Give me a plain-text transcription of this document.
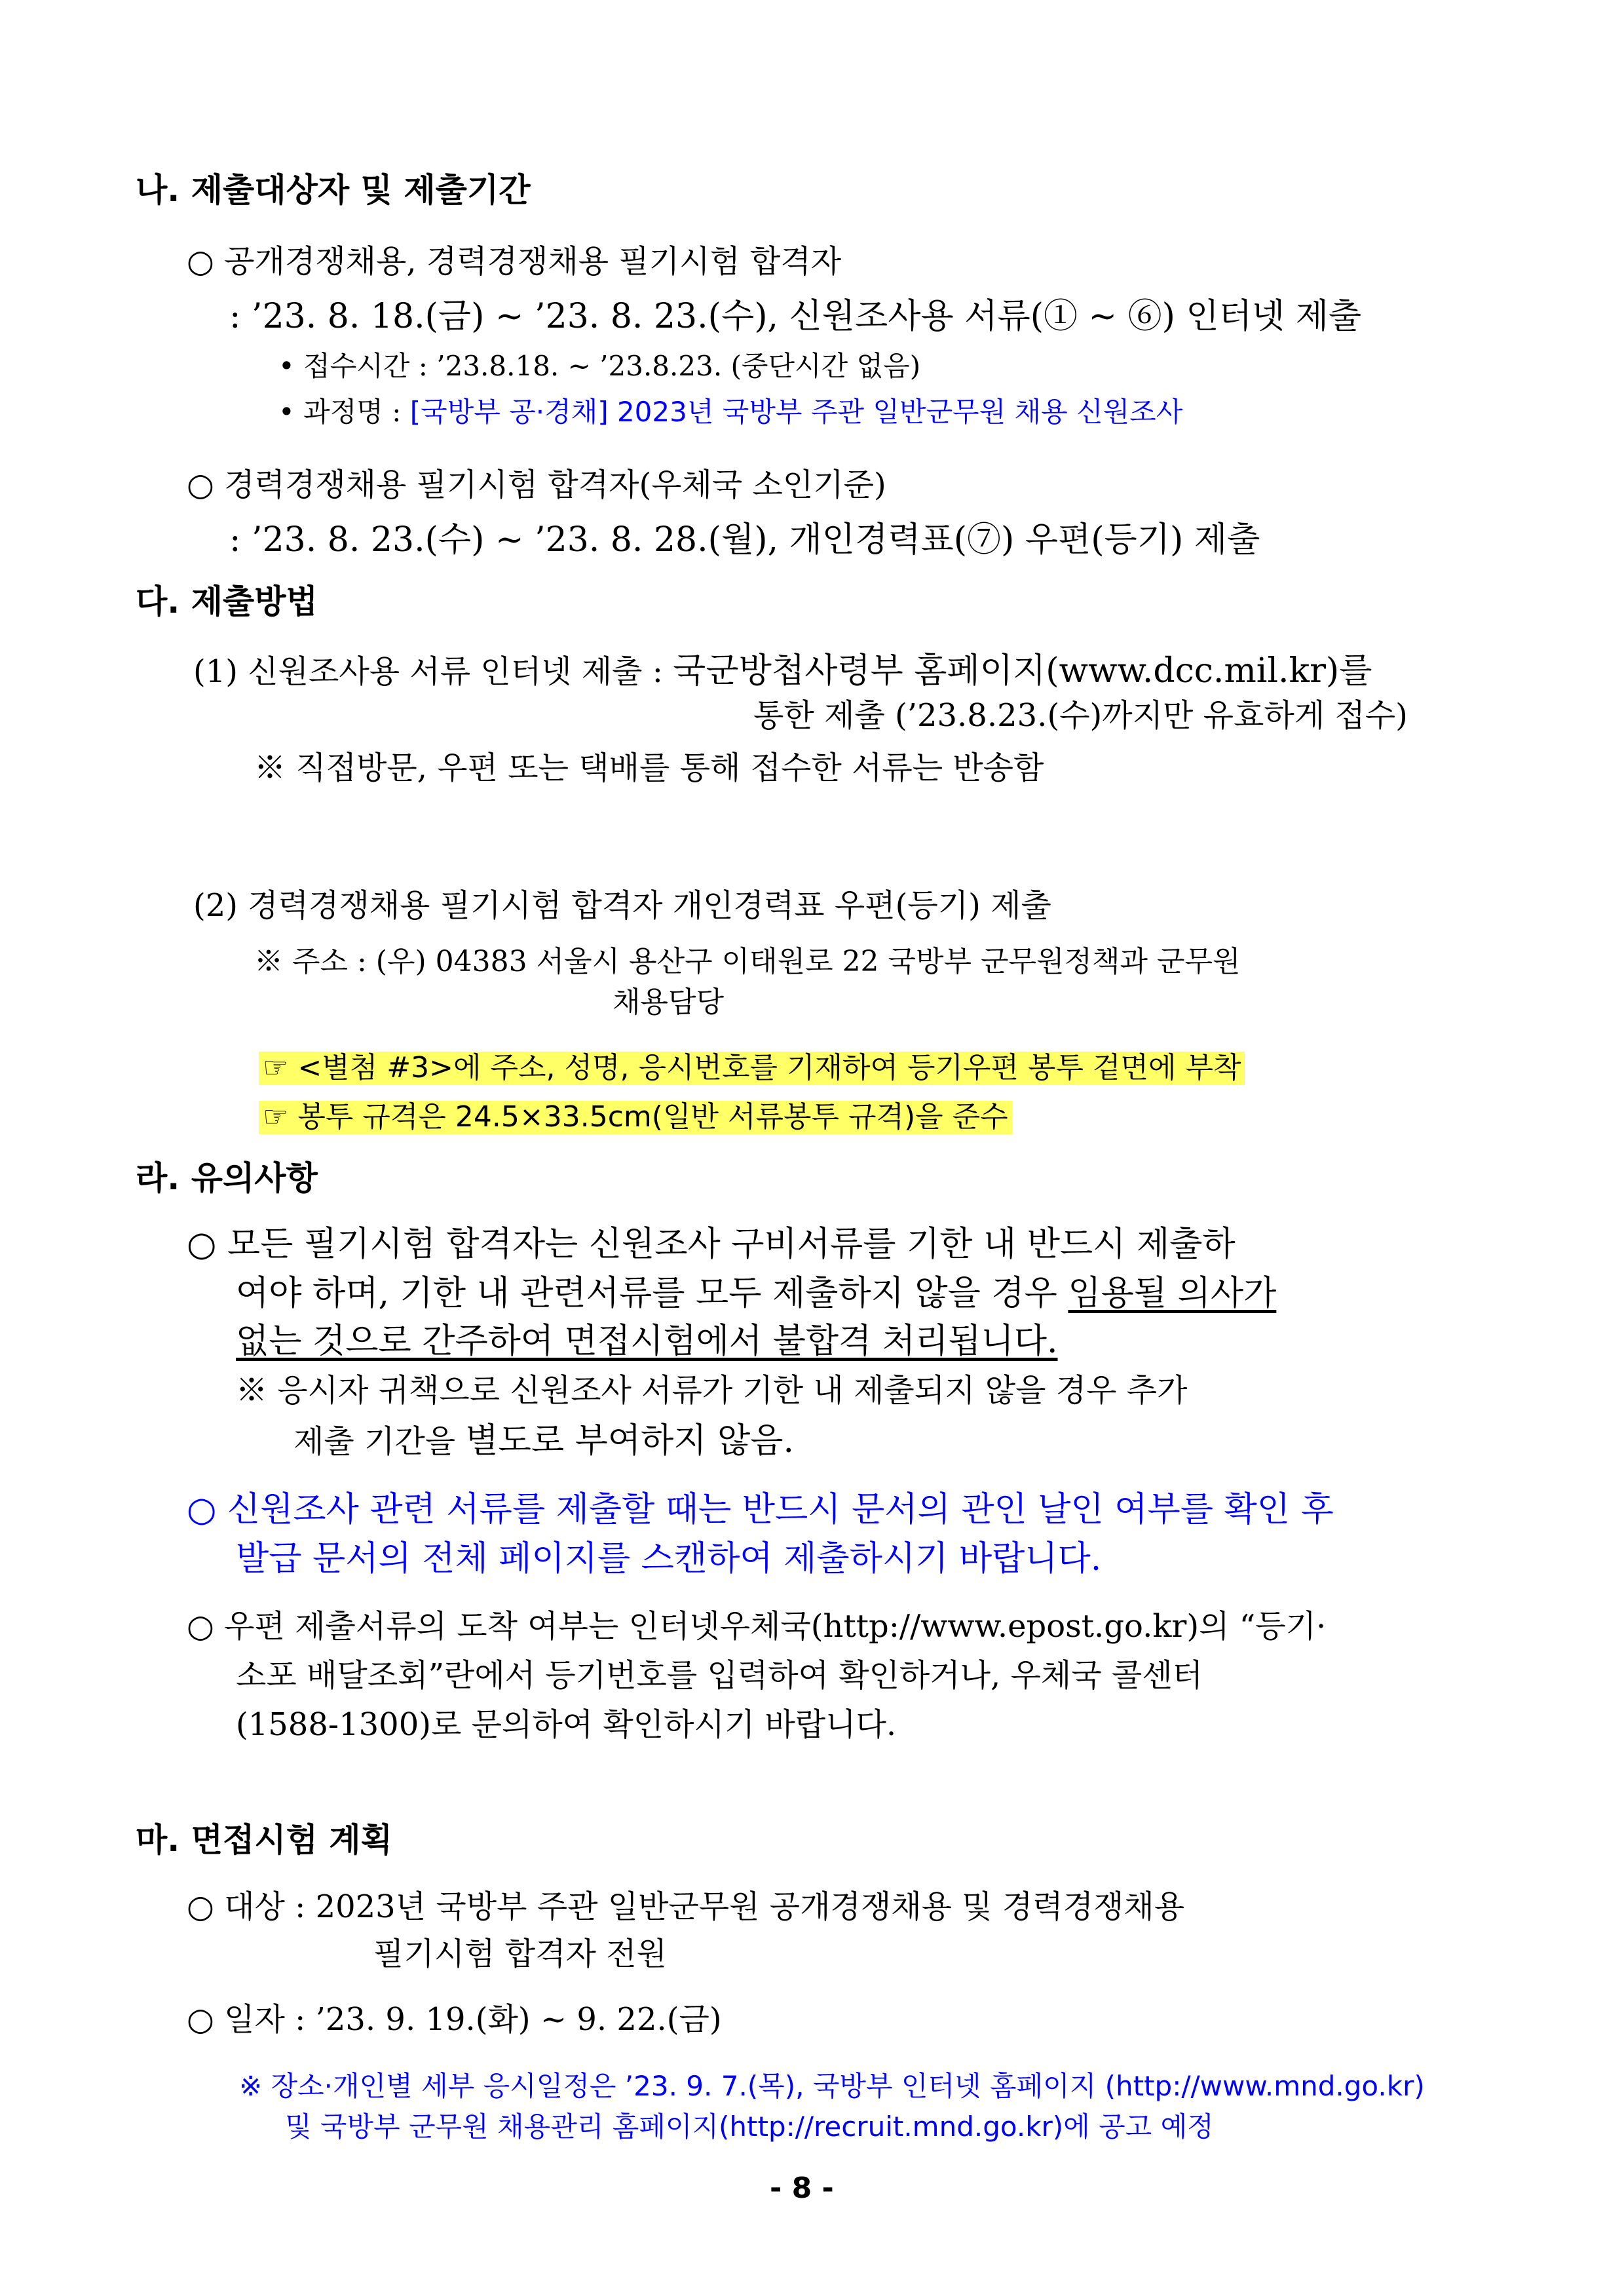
나. 제출대상자 및 제출기간
○ 공개경쟁채용, 경력경쟁채용 필기시험 합격자
: ’23. 8. 18.(금) ~ ’23. 8. 23.(수), 신원조사용 서류(① ~ ⑥) 인터넷 제출
• 접수시간 : ’23.8.18. ~ ’23.8.23. (중단시간 없음)
• 과정명 : [국방부 공·경채] 2023년 국방부 주관 일반군무원 채용 신원조사
○ 경력경쟁채용 필기시험 합격자(우체국 소인기준)
: ’23. 8. 23.(수) ~ ’23. 8. 28.(월), 개인경력표(⑦) 우편(등기) 제출
다. 제출방법
(1) 신원조사용 서류 인터넷 제출 : 국군방첩사령부 홈페이지(www.dcc.mil.kr)를
통한 제출 (’23.8.23.(수)까지만 유효하게 접수)
※ 직접방문, 우편 또는 택배를 통해 접수한 서류는 반송함
(2) 경력경쟁채용 필기시험 합격자 개인경력표 우편(등기) 제출
※ 주소 : (우) 04383 서울시 용산구 이태원로 22 국방부 군무원정책과 군무원
채용담당
☞ <별첨 #3>에 주소, 성명, 응시번호를 기재하여 등기우편 봉투 겉면에 부착
☞ 봉투 규격은 24.5×33.5cm(일반 서류봉투 규격)을 준수
라. 유의사항
○ 모든 필기시험 합격자는 신원조사 구비서류를 기한 내 반드시 제출하
여야 하며, 기한 내 관련서류를 모두 제출하지 않을 경우 임용될 의사가
없는 것으로 간주하여 면접시험에서 불합격 처리됩니다.
※ 응시자 귀책으로 신원조사 서류가 기한 내 제출되지 않을 경우 추가
제출 기간을 별도로 부여하지 않음.
○ 신원조사 관련 서류를 제출할 때는 반드시 문서의 관인 날인 여부를 확인 후
발급 문서의 전체 페이지를 스캔하여 제출하시기 바랍니다.
○ 우편 제출서류의 도착 여부는 인터넷우체국(http://www.epost.go.kr)의 “등기·
소포 배달조회”란에서 등기번호를 입력하여 확인하거나, 우체국 콜센터
(1588-1300)로 문의하여 확인하시기 바랍니다.
마. 면접시험 계획
○ 대상 : 2023년 국방부 주관 일반군무원 공개경쟁채용 및 경력경쟁채용
필기시험 합격자 전원
○ 일자 : ’23. 9. 19.(화) ~ 9. 22.(금)
※ 장소·개인별 세부 응시일정은 ’23. 9. 7.(목), 국방부 인터넷 홈페이지 (http://www.mnd.go.kr)
및 국방부 군무원 채용관리 홈페이지(http://recruit.mnd.go.kr)에 공고 예정
- 8 -
